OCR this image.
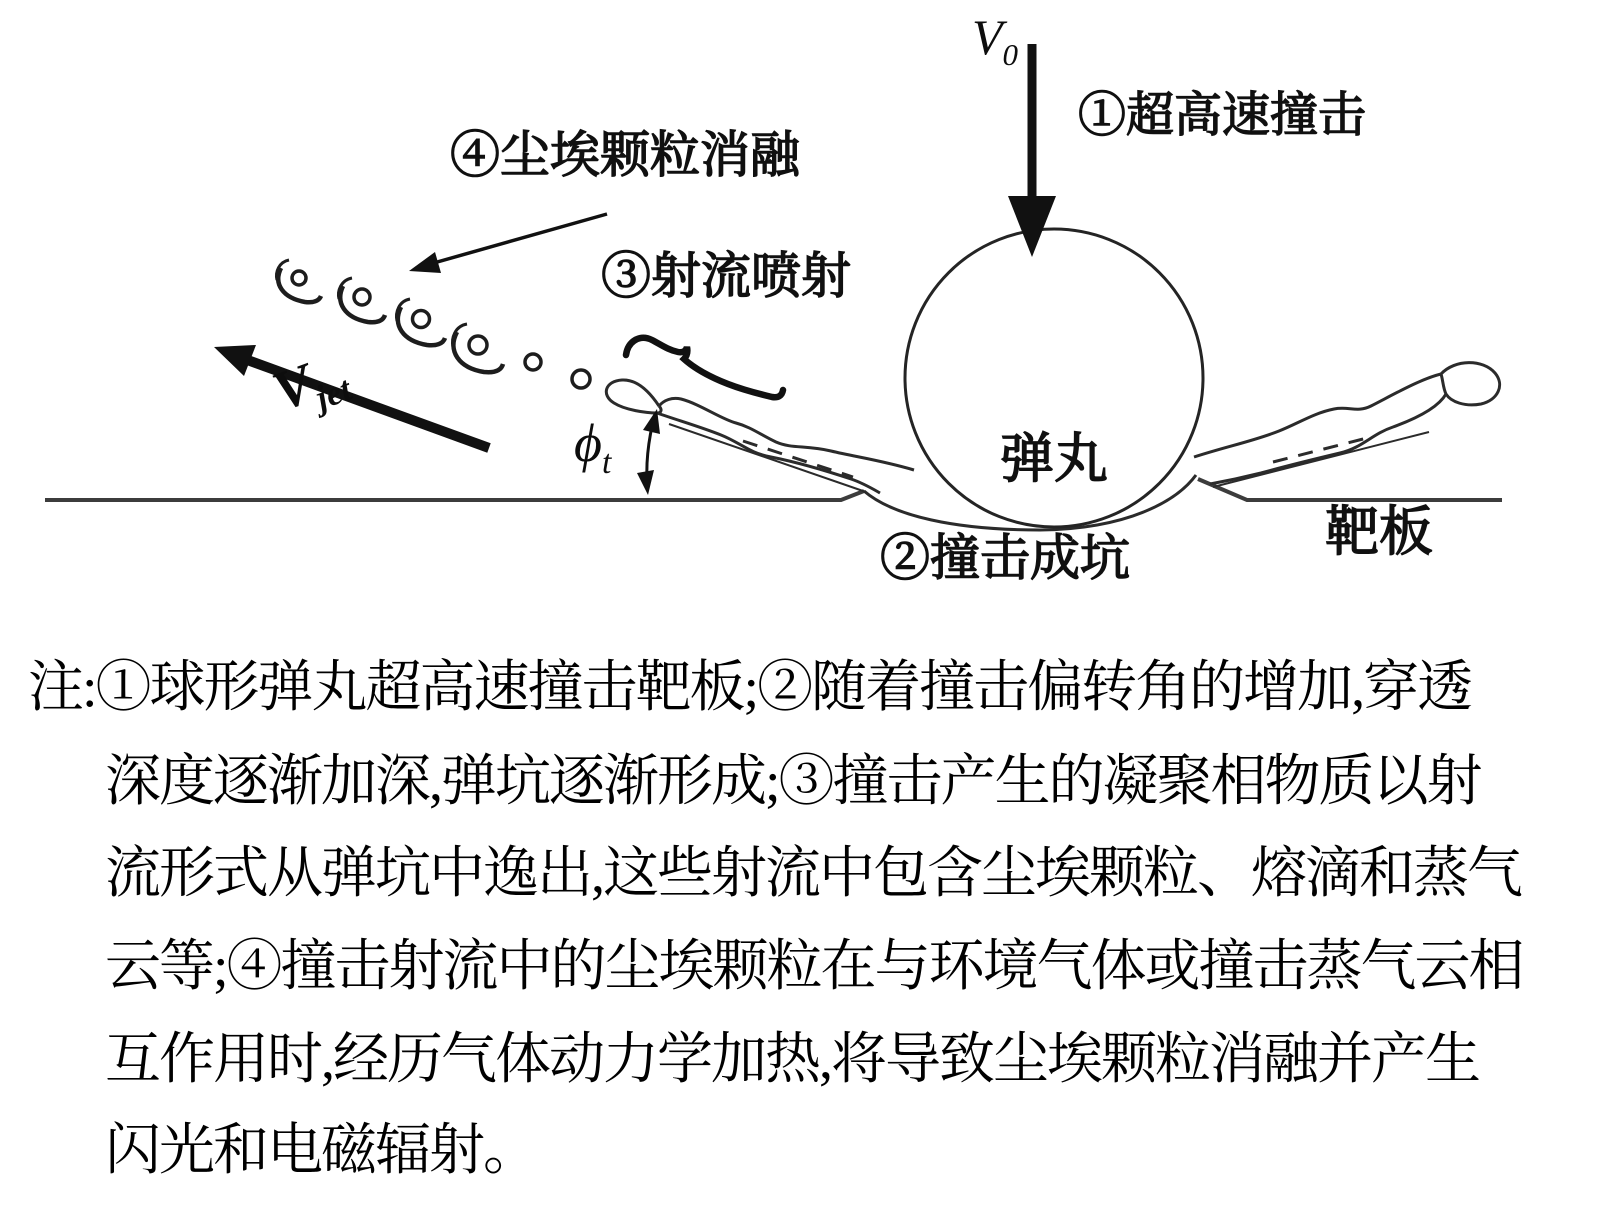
④尘埃颗粒消融
③射流喷射
①超高速撞击
弹丸
②撞击成坑	靶板
$V_0$
$V_{jet}$
$\phi_t$
注:①球形弹丸超高速撞击靶板;②随着撞击偏转角的增加,穿透
深度逐渐加深,弹坑逐渐形成;③撞击产生的凝聚相物质以射
流形式从弹坑中逸出,这些射流中包含尘埃颗粒、熔滴和蒸气
云等;④撞击射流中的尘埃颗粒在与环境气体或撞击蒸气云相
互作用时,经历气体动力学加热,将导致尘埃颗粒消融并产生
闪光和电磁辐射。
